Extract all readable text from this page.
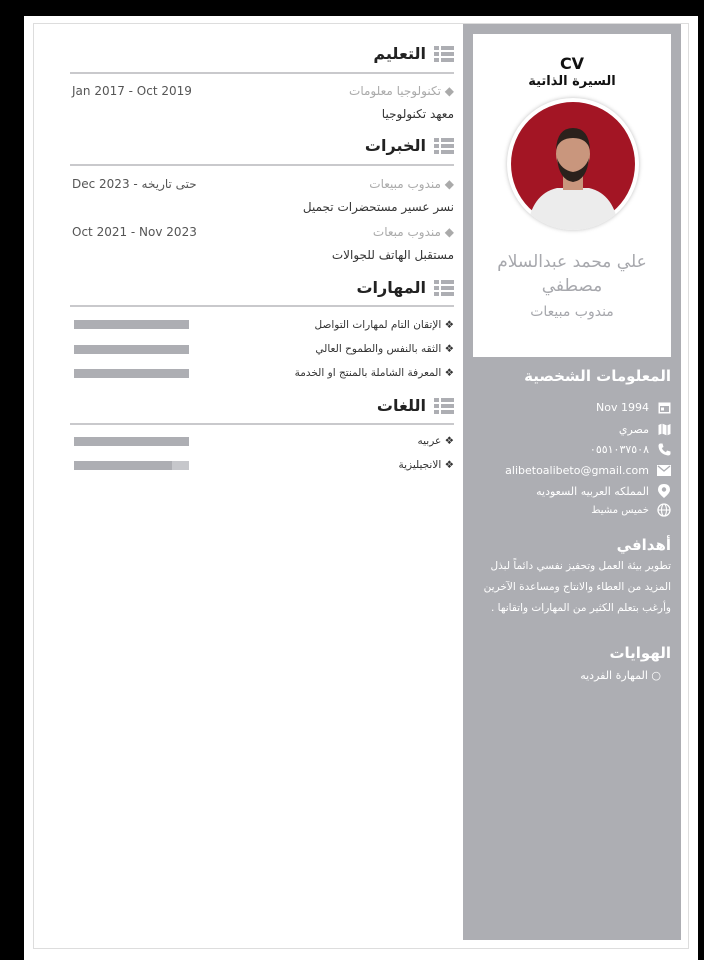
CV
السيرة الذاتية
علي محمد عبدالسلام
مصطفي
مندوب مبيعات
المعلومات الشخصية
Nov 1994
مصري
٠٥٥١٠٣٧٥٠٨
alibetoalibeto@gmail.com
المملكه العربيه السعوديه
خميس مشيط
أهدافي
تطوير بيئة العمل وتحفيز نفسي دائماً لبذل المزيد من العطاء والانتاج ومساعدة الآخرين وأرغب بتعلم الكثير من المهارات واتقانها .
الهوايات
○ المهارة الفرديه
التعليم
◆ تكنولوجيا معلومات
Jan 2017 - Oct 2019
معهد تكنولوجيا
الخبرات
◆ مندوب مبيعات
Dec 2023 - حتى تاريخه
نسر عسير مستحضرات تجميل
◆ مندوب مبعات
Oct 2021 - Nov 2023
مستقبل الهاتف للجوالات
المهارات
❖ الإتقان التام لمهارات التواصل
❖ الثقه بالنفس والطموح العالي
❖ المعرفة الشاملة بالمنتج او الخدمة
اللغات
❖ عربيه
❖ الانجيليزية
